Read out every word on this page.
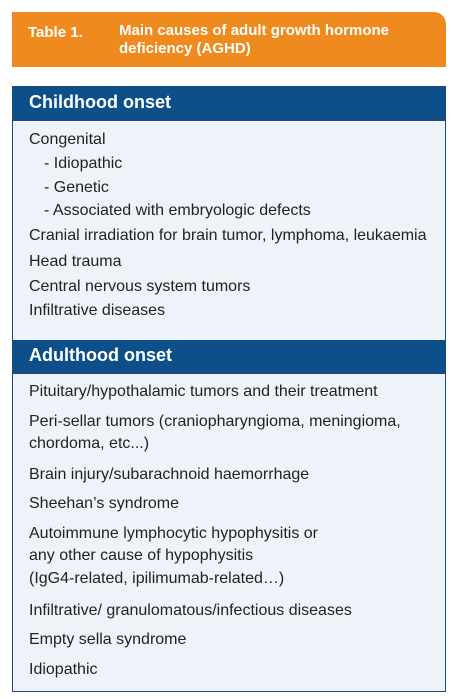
Table 1. Main causes of adult growth hormone
deficiency (AGHD)
Childhood onset
Congenital
- Idiopathic
- Genetic
- Associated with embryologic defects
Cranial irradiation for brain tumor, lymphoma, leukaemia
Head trauma
Central nervous system tumors
Infiltrative diseases
Adulthood onset
Pituitary/hypothalamic tumors and their treatment
Peri-sellar tumors (craniopharyngioma, meningioma,
chordoma, etc...)
Brain injury/subarachnoid haemorrhage
Sheehan’s syndrome
Autoimmune lymphocytic hypophysitis or
any other cause of hypophysitis
(IgG4-related, ipilimumab-related…)
Infiltrative/ granulomatous/infectious diseases
Empty sella syndrome
Idiopathic
